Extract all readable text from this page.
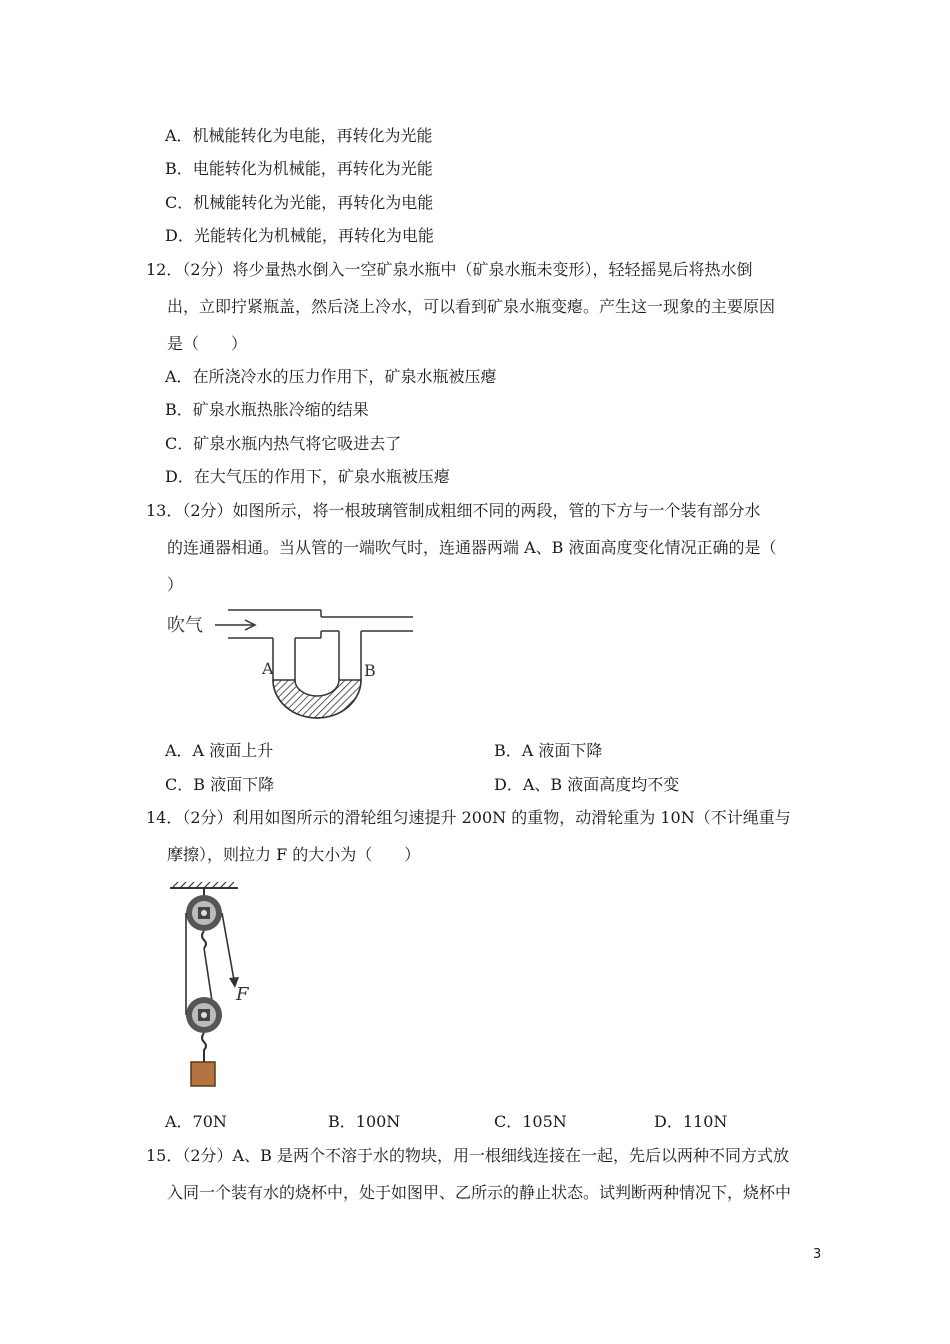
A．机械能转化为电能，再转化为光能
B．电能转化为机械能，再转化为光能
C．机械能转化为光能，再转化为电能
D．光能转化为机械能，再转化为电能
12．（2分）将少量热水倒入一空矿泉水瓶中（矿泉水瓶未变形），轻轻摇晃后将热水倒
出，立即拧紧瓶盖，然后浇上冷水，可以看到矿泉水瓶变瘪。产生这一现象的主要原因
是（　　）
A．在所浇冷水的压力作用下，矿泉水瓶被压瘪
B．矿泉水瓶热胀冷缩的结果
C．矿泉水瓶内热气将它吸进去了
D．在大气压的作用下，矿泉水瓶被压瘪
13．（2分）如图所示，将一根玻璃管制成粗细不同的两段，管的下方与一个装有部分水
的连通器相通。当从管的一端吹气时，连通器两端 A、B 液面高度变化情况正确的是（
）
吹气
A	B
A．A 液面上升	B．A 液面下降
C．B 液面下降	D．A、B 液面高度均不变
14．（2分）利用如图所示的滑轮组匀速提升 200N 的重物，动滑轮重为 10N（不计绳重与
摩擦），则拉力 F 的大小为（　　）
F
A．70N	B．100N	C．105N	D．110N
15．（2分）A、B 是两个不溶于水的物块，用一根细线连接在一起，先后以两种不同方式放
入同一个装有水的烧杯中，处于如图甲、乙所示的静止状态。试判断两种情况下，烧杯中
3
